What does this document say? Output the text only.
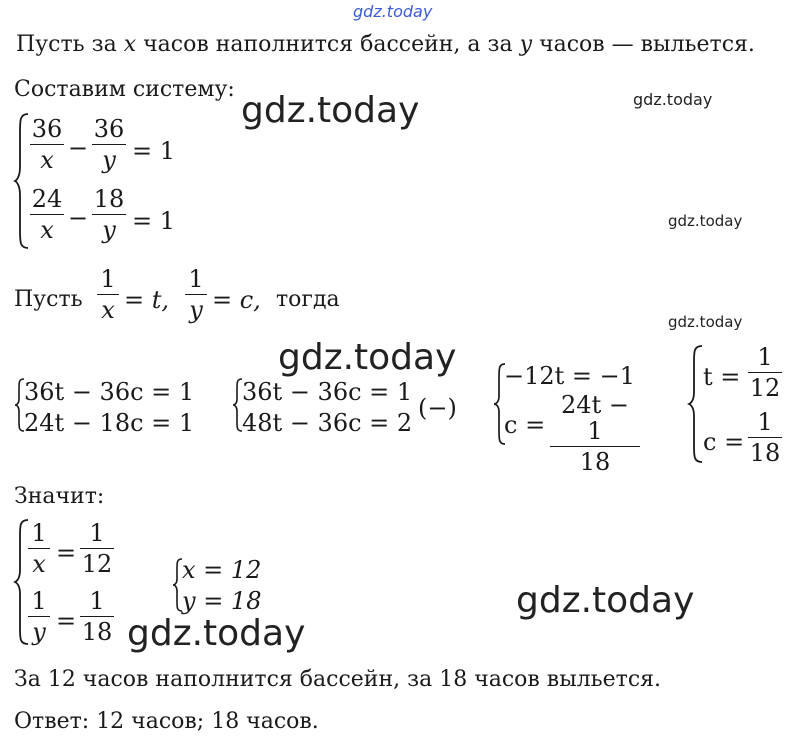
gdz.today
gdz.today
gdz.today
gdz.today
gdz.today
gdz.today
gdz.today
gdz.today
Пусть за x часов наполнится бассейн, а за y часов — выльется.
Составим систему:
36
x −
36
y = 1
24
x −
18
y = 1
Пусть
1
x = t,
1
y = c, тогда
36t − 36c = 1
24t − 18c = 1
36t − 36c = 1
48t − 36c = 2
(−)
−12t = −1
c =
24t − 1
18
t =
1
12
c =
1
18
Значит:
1
x =
1
12
1
y =
1
18
x = 12
y = 18
За 12 часов наполнится бассейн, за 18 часов выльется.
Ответ: 12 часов; 18 часов.
